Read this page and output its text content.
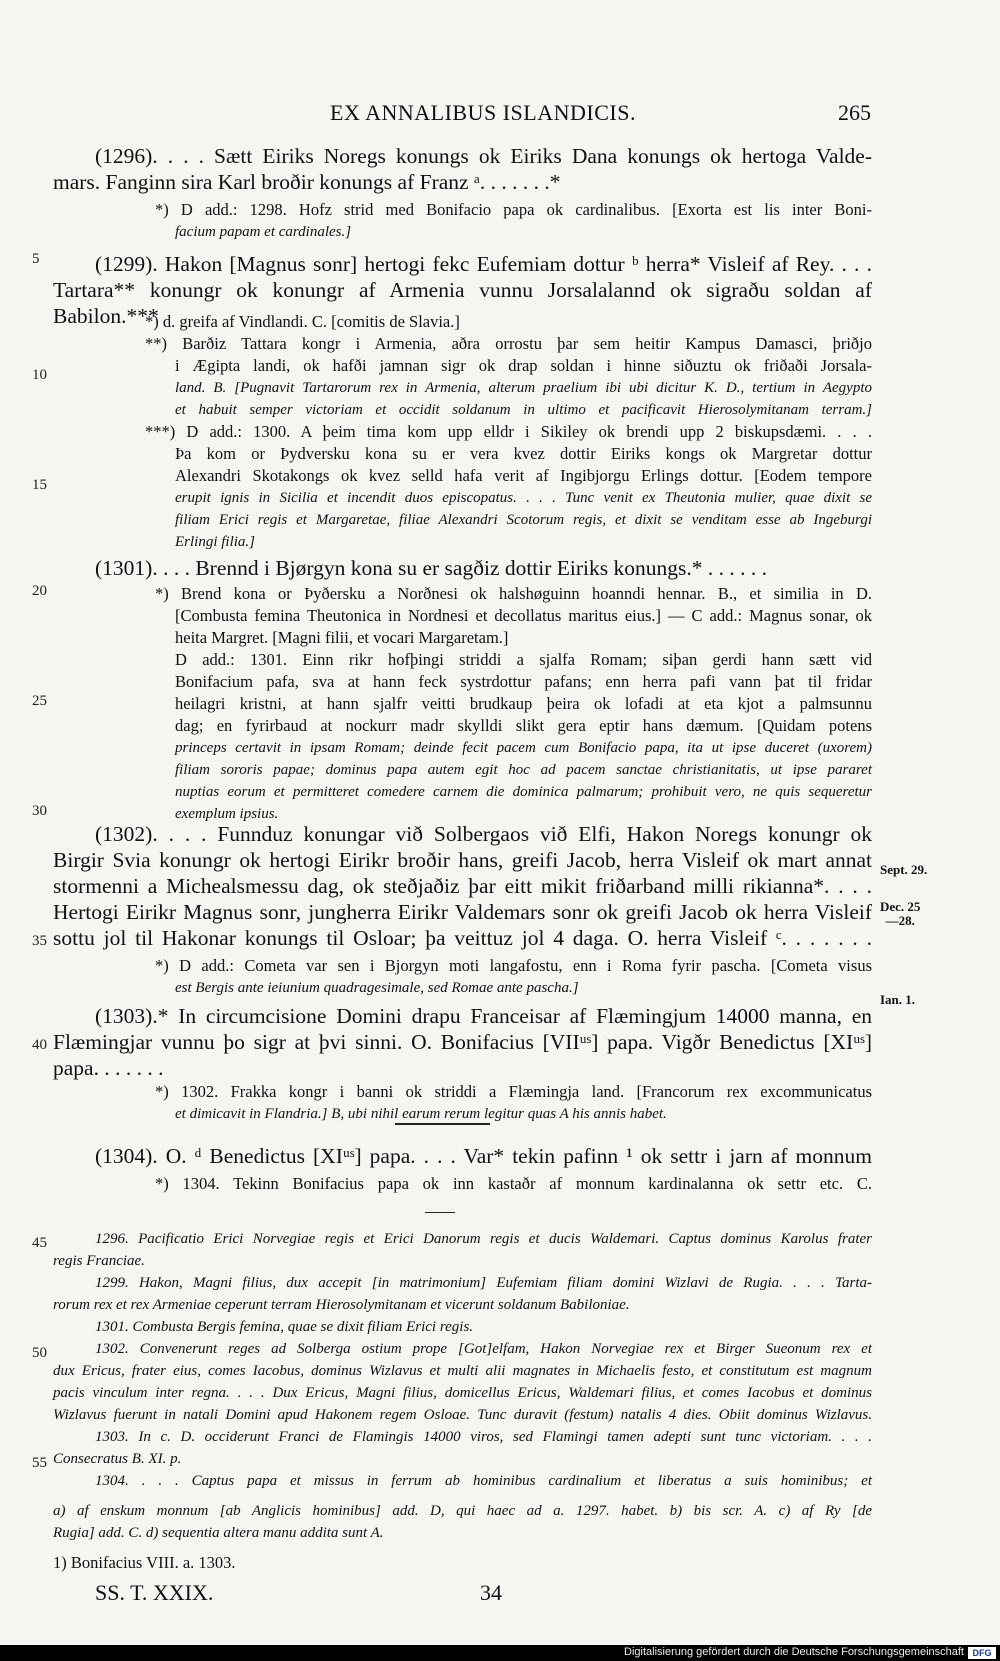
EX ANNALIBUS ISLANDICIS.	265
(1296). . . . Sætt Eiriks Noregs konungs ok Eiriks Dana konungs ok hertoga Valde-
mars. Fanginn sira Karl broðir konungs af Franz ᵃ. . . . . . .*
*) D add.: 1298. Hofz strid med Bonifacio papa ok cardinalibus. [Exorta est lis inter Boni-
facium papam et cardinales.]
(1299). Hakon [Magnus sonr] hertogi fekc Eufemiam dottur ᵇ herra* Visleif af Rey. . . .
Tartara** konungr ok konungr af Armenia vunnu Jorsalalannd ok sigraðu soldan af Babilon.***
*) d. greifa af Vindlandi. C. [comitis de Slavia.]
**) Barðiz Tattara kongr i Armenia, aðra orrostu þar sem heitir Kampus Damasci, þriðjo
i Ægipta landi, ok hafði jamnan sigr ok drap soldan i hinne siðuztu ok friðaði Jorsala-
land. B. [Pugnavit Tartarorum rex in Armenia, alterum praelium ibi ubi dicitur K. D., tertium in Aegypto
et habuit semper victoriam et occidit soldanum in ultimo et pacificavit Hierosolymitanam terram.]
***) D add.: 1300. A þeim tima kom upp elldr i Sikiley ok brendi upp 2 biskupsdæmi. . . .
Þa kom or Þydversku kona su er vera kvez dottir Eiriks kongs ok Margretar dottur
Alexandri Skotakongs ok kvez selld hafa verit af Ingibjorgu Erlings dottur. [Eodem tempore
erupit ignis in Sicilia et incendit duos episcopatus. . . . Tunc venit ex Theutonia mulier, quae dixit se
filiam Erici regis et Margaretae, filiae Alexandri Scotorum regis, et dixit se venditam esse ab Ingeburgi
Erlingi filia.]
(1301). . . . Brennd i Bjørgyn kona su er sagðiz dottir Eiriks konungs.* . . . . . .
*) Brend kona or Þyðersku a Norðnesi ok halshøguinn hoanndi hennar. B., et similia in D.
[Combusta femina Theutonica in Nordnesi et decollatus maritus eius.] — C add.: Magnus sonar, ok
heita Margret. [Magni filii, et vocari Margaretam.]
D add.: 1301. Einn rikr hofþingi striddi a sjalfa Romam; siþan gerdi hann sætt vid
Bonifacium pafa, sva at hann feck systrdottur pafans; enn herra pafi vann þat til fridar
heilagri kristni, at hann sjalfr veitti brudkaup þeira ok lofadi at eta kjot a palmsunnu
dag; en fyrirbaud at nockurr madr skylldi slikt gera eptir hans dæmum. [Quidam potens
princeps certavit in ipsam Romam; deinde fecit pacem cum Bonifacio papa, ita ut ipse duceret (uxorem)
filiam sororis papae; dominus papa autem egit hoc ad pacem sanctae christianitatis, ut ipse pararet
nuptias eorum et permitteret comedere carnem die dominica palmarum; prohibuit vero, ne quis sequeretur
exemplum ipsius.
(1302). . . . Funnduz konungar við Solbergaos við Elfi, Hakon Noregs konungr ok
Birgir Svia konungr ok hertogi Eirikr broðir hans, greifi Jacob, herra Visleif ok mart annat
stormenni a Michealsmessu dag, ok steðjaðiz þar eitt mikit friðarband milli rikianna*. . . .
Hertogi Eirikr Magnus sonr, jungherra Eirikr Valdemars sonr ok greifi Jacob ok herra Visleif
sottu jol til Hakonar konungs til Osloar; þa veittuz jol 4 daga. O. herra Visleif ᶜ. . . . . . .
*) D add.: Cometa var sen i Bjorgyn moti langafostu, enn i Roma fyrir pascha. [Cometa visus
est Bergis ante ieiunium quadragesimale, sed Romae ante pascha.]
(1303).* In circumcisione Domini drapu Franceisar af Flæmingjum 14000 manna, en
Flæmingjar vunnu þo sigr at þvi sinni. O. Bonifacius [VIIᵘˢ] papa. Vigðr Benedictus [XIᵘˢ]
papa. . . . . . .
*) 1302. Frakka kongr i banni ok striddi a Flæmingja land. [Francorum rex excommunicatus
et dimicavit in Flandria.] B, ubi nihil earum rerum legitur quas A his annis habet.
(1304). O. ᵈ Benedictus [XIᵘˢ] papa. . . . Var* tekin pafinn ¹ ok settr i jarn af monnum
*) 1304. Tekinn Bonifacius papa ok inn kastaðr af monnum kardinalanna ok settr etc. C.
1296. Pacificatio Erici Norvegiae regis et Erici Danorum regis et ducis Waldemari. Captus dominus Karolus frater
regis Franciae.
1299. Hakon, Magni filius, dux accepit [in matrimonium] Eufemiam filiam domini Wizlavi de Rugia. . . . Tarta-
rorum rex et rex Armeniae ceperunt terram Hierosolymitanam et vicerunt soldanum Babiloniae.
1301. Combusta Bergis femina, quae se dixit filiam Erici regis.
1302. Convenerunt reges ad Solberga ostium prope [Got]elfam, Hakon Norvegiae rex et Birger Sueonum rex et
dux Ericus, frater eius, comes Iacobus, dominus Wizlavus et multi alii magnates in Michaelis festo, et constitutum est magnum
pacis vinculum inter regna. . . . Dux Ericus, Magni filius, domicellus Ericus, Waldemari filius, et comes Iacobus et dominus
Wizlavus fuerunt in natali Domini apud Hakonem regem Osloae. Tunc duravit (festum) natalis 4 dies. Obiit dominus Wizlavus.
1303. In c. D. occiderunt Franci de Flamingis 14000 viros, sed Flamingi tamen adepti sunt tunc victoriam. . . .
Consecratus B. XI. p.
1304. . . . Captus papa et missus in ferrum ab hominibus cardinalium et liberatus a suis hominibus; et
a) af enskum monnum [ab Anglicis hominibus] add. D, qui haec ad a. 1297. habet. b) bis scr. A. c) af Ry [de
Rugia] add. C. d) sequentia altera manu addita sunt A.
1) Bonifacius VIII. a. 1303.
5
10
15
20
25
30
35
40
45
50
55
Sept. 29.
Dec. 25
—28.
Ian. 1.
SS. T. XXIX.	34
Digitalisierung gefördert durch die Deutsche Forschungsgemeinschaft DFG
